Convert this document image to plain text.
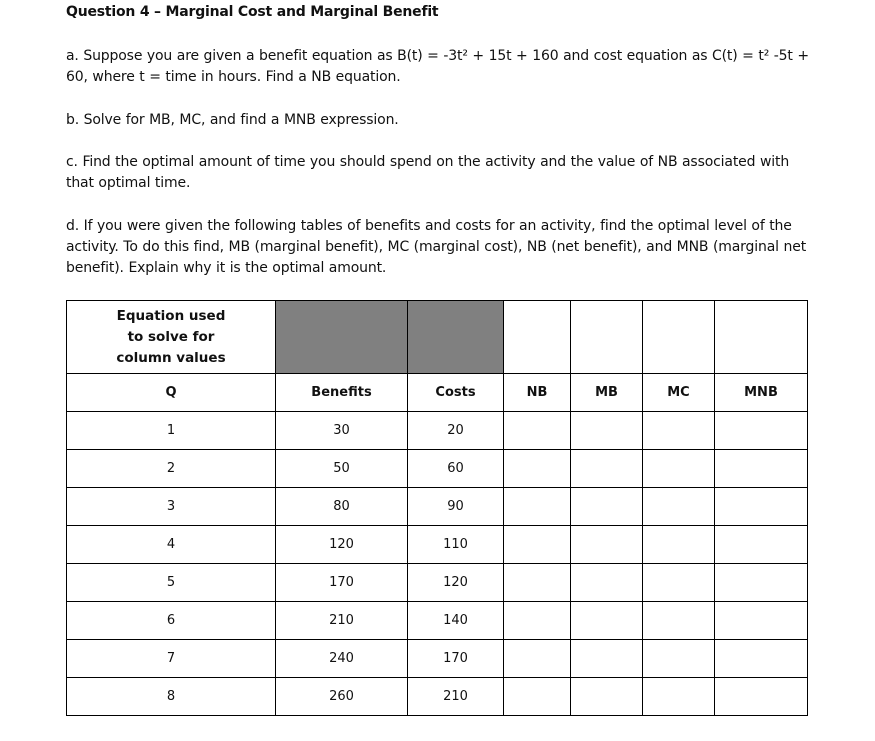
Question 4 – Marginal Cost and Marginal Benefit
a. Suppose you are given a benefit equation as B(t) = -3t² + 15t + 160 and cost equation as C(t) = t² -5t + 60, where t = time in hours. Find a NB equation.
b. Solve for MB, MC, and find a MNB expression.
c. Find the optimal amount of time you should spend on the activity and the value of NB associated with that optimal time.
d. If you were given the following tables of benefits and costs for an activity, find the optimal level of the activity. To do this find, MB (marginal benefit), MC (marginal cost), NB (net benefit), and MNB (marginal net benefit). Explain why it is the optimal amount.
Equation used
to solve for
column values						

Q	Benefits	Costs	NB	MB	MC	MNB
1	30	20				
2	50	60				
3	80	90				
4	120	110				
5	170	120				
6	210	140				
7	240	170				
8	260	210				
